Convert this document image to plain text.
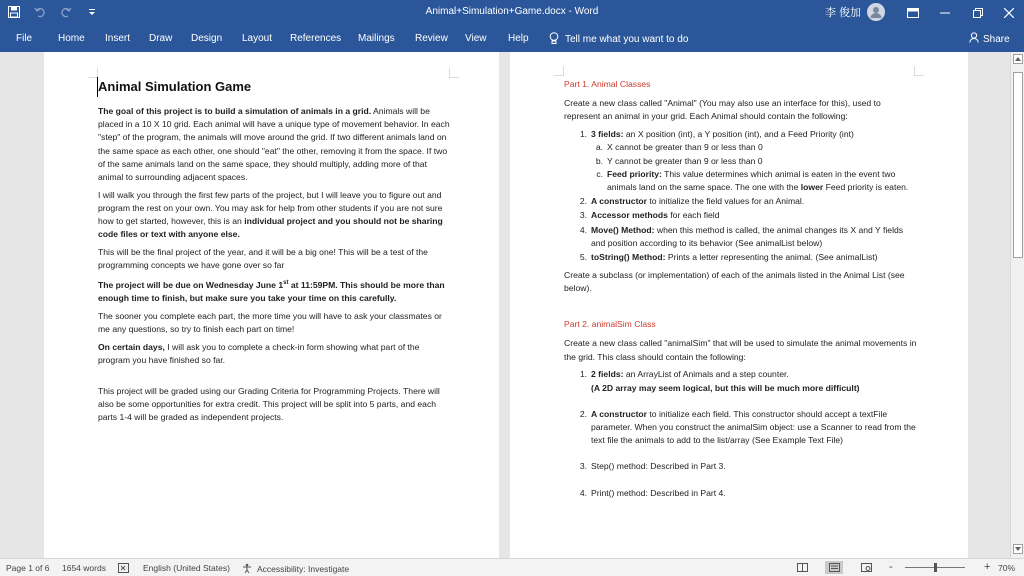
Animal+Simulation+Game.docx - Word	李 俊加
File	Home Insert Draw Design Layout References Mailings Review View Help	Tell me what you want to do	Share
Animal Simulation Game

The goal of this project is to build a simulation of animals in a grid. Animals will be placed in a 10 X 10 grid. Each animal will have a unique type of movement behavior. In each "step" of the program, the animals will move around the grid. If two different animals land on the same space as each other, one should "eat" the other, removing it from the space. If two of the same animals land on the same space, they should multiply, adding more of that animal to surrounding adjacent spaces.

I will walk you through the first few parts of the project, but I will leave you to figure out and program the rest on your own. You may ask for help from other students if you are not sure how to get started, however, this is an individual project and you should not be sharing code files or text with anyone else.

This will be the final project of the year, and it will be a big one! This will be a test of the programming concepts we have gone over so far

The project will be due on Wednesday June 1st at 11:59PM. This should be more than enough time to finish, but make sure you take your time on this carefully.

The sooner you complete each part, the more time you will have to ask your classmates or me any questions, so try to finish each part on time!

On certain days, I will ask you to complete a check-in form showing what part of the program you have finished so far.

This project will be graded using our Grading Criteria for Programming Projects. There will also be some opportunities for extra credit. This project will be split into 5 parts, and each parts 1-4 will be graded as independent projects.

Part 1. Animal Classes

Create a new class called "Animal" (You may also use an interface for this), used to represent an animal in your grid. Each Animal should contain the following:

1. 3 fields: an X position (int), a Y position (int), and a Feed Priority (int)
a. X cannot be greater than 9 or less than 0
b. Y cannot be greater than 9 or less than 0
c. Feed priority: This value determines which animal is eaten in the event two animals land on the same space. The one with the lower Feed priority is eaten.
2. A constructor to initialize the field values for an Animal.
3. Accessor methods for each field
4. Move() Method: when this method is called, the animal changes its X and Y fields and position according to its behavior (See animalList below)
5. toString() Method: Prints a letter representing the animal. (See animalList)

Create a subclass (or implementation) of each of the animals listed in the Animal List (see below).

Part 2. animalSim Class

Create a new class called "animalSim" that will be used to simulate the animal movements in the grid. This class should contain the following:

1. 2 fields: an ArrayList of Animals and a step counter.
(A 2D array may seem logical, but this will be much more difficult)
2. A constructor to initialize each field. This constructor should accept a textFile parameter. When you construct the animalSim object: use a Scanner to read from the text file the animals to add to the list/array (See Example Text File)
3. Step() method: Described in Part 3.
4. Print() method: Described in Part 4.
Page 1 of 6 1654 words	English (United States)	Accessibility: Investigate	-	+ 70%
